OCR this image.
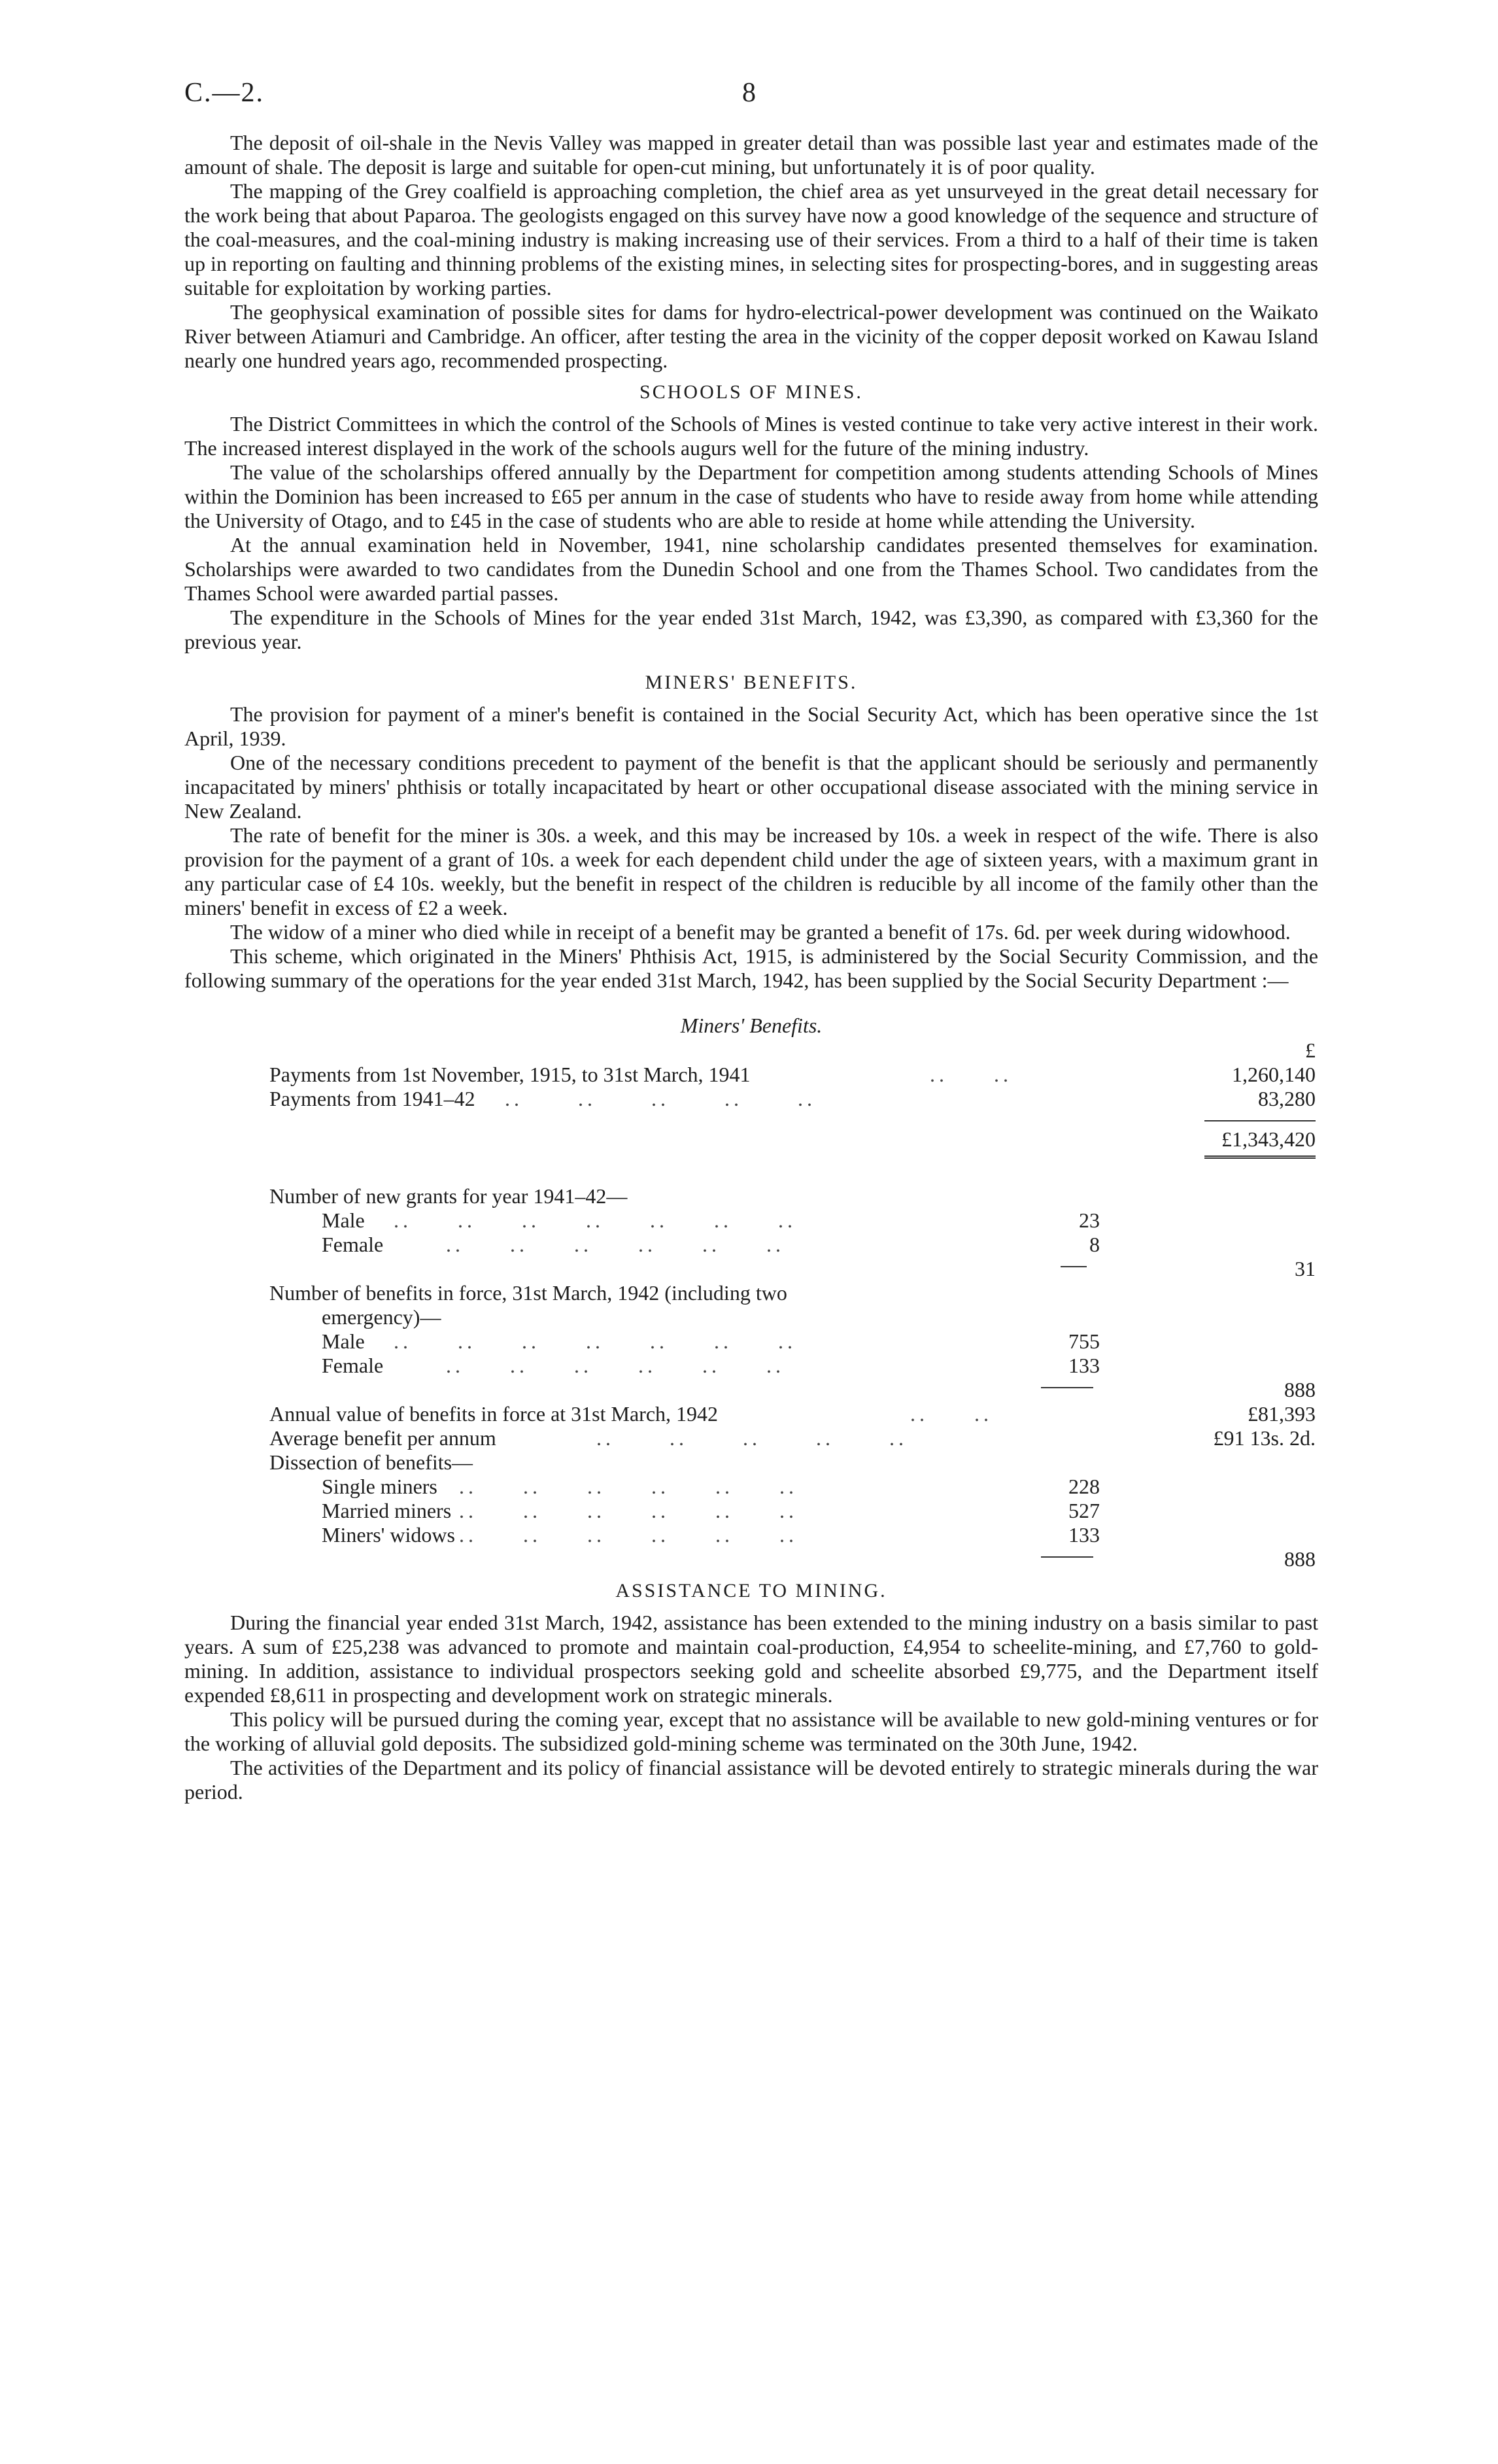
C.—2.	8

The deposit of oil-shale in the Nevis Valley was mapped in greater detail than was possible last year and estimates made of the amount of shale. The deposit is large and suitable for open-cut mining, but unfortunately it is of poor quality.

The mapping of the Grey coalfield is approaching completion, the chief area as yet unsurveyed in the great detail necessary for the work being that about Paparoa. The geologists engaged on this survey have now a good knowledge of the sequence and structure of the coal-measures, and the coal-mining industry is making increasing use of their services. From a third to a half of their time is taken up in reporting on faulting and thinning problems of the existing mines, in selecting sites for prospecting-bores, and in suggesting areas suitable for exploitation by working parties.

The geophysical examination of possible sites for dams for hydro-electrical-power development was continued on the Waikato River between Atiamuri and Cambridge. An officer, after testing the area in the vicinity of the copper deposit worked on Kawau Island nearly one hundred years ago, recommended prospecting.

SCHOOLS OF MINES.

The District Committees in which the control of the Schools of Mines is vested continue to take very active interest in their work. The increased interest displayed in the work of the schools augurs well for the future of the mining industry.

The value of the scholarships offered annually by the Department for competition among students attending Schools of Mines within the Dominion has been increased to £65 per annum in the case of students who have to reside away from home while attending the University of Otago, and to £45 in the case of students who are able to reside at home while attending the University.

At the annual examination held in November, 1941, nine scholarship candidates presented themselves for examination. Scholarships were awarded to two candidates from the Dunedin School and one from the Thames School. Two candidates from the Thames School were awarded partial passes.

The expenditure in the Schools of Mines for the year ended 31st March, 1942, was £3,390, as compared with £3,360 for the previous year.

MINERS' BENEFITS.

The provision for payment of a miner's benefit is contained in the Social Security Act, which has been operative since the 1st April, 1939.

One of the necessary conditions precedent to payment of the benefit is that the applicant should be seriously and permanently incapacitated by miners' phthisis or totally incapacitated by heart or other occupational disease associated with the mining service in New Zealand.

The rate of benefit for the miner is 30s. a week, and this may be increased by 10s. a week in respect of the wife. There is also provision for the payment of a grant of 10s. a week for each dependent child under the age of sixteen years, with a maximum grant in any particular case of £4 10s. weekly, but the benefit in respect of the children is reducible by all income of the family other than the miners' benefit in excess of £2 a week.

The widow of a miner who died while in receipt of a benefit may be granted a benefit of 17s. 6d. per week during widowhood.

This scheme, which originated in the Miners' Phthisis Act, 1915, is administered by the Social Security Commission, and the following summary of the operations for the year ended 31st March, 1942, has been supplied by the Social Security Department :—

Miners' Benefits.
£
Payments from 1st November, 1915, to 31st March, 1941	..     ..	1,260,140
Payments from 1941–42 ..      ..      ..      ..      ..	83,280
£1,343,420
Number of new grants for year 1941–42—
Male ..     ..     ..     ..     ..     ..     ..	23
Female	..     ..     ..     ..     ..     ..	8
31
Number of benefits in force, 31st March, 1942 (including two
emergency)—
Male ..     ..     ..     ..     ..     ..     ..	755
Female	..     ..     ..     ..     ..     ..	133
888
Annual value of benefits in force at 31st March, 1942	..     ..	£81,393
Average benefit per annum	..      ..      ..      ..      ..	£91 13s. 2d.
Dissection of benefits—
Single miners ..     ..     ..     ..     ..     ..	228
Married miners ..     ..     ..     ..     ..     ..	527
Miners' widows ..     ..     ..     ..     ..     ..	133
888
ASSISTANCE TO MINING.

During the financial year ended 31st March, 1942, assistance has been extended to the mining industry on a basis similar to past years. A sum of £25,238 was advanced to promote and maintain coal-production, £4,954 to scheelite-mining, and £7,760 to gold-mining. In addition, assistance to individual prospectors seeking gold and scheelite absorbed £9,775, and the Department itself expended £8,611 in prospecting and development work on strategic minerals.

This policy will be pursued during the coming year, except that no assistance will be available to new gold-mining ventures or for the working of alluvial gold deposits. The subsidized gold-mining scheme was terminated on the 30th June, 1942.

The activities of the Department and its policy of financial assistance will be devoted entirely to strategic minerals during the war period.
